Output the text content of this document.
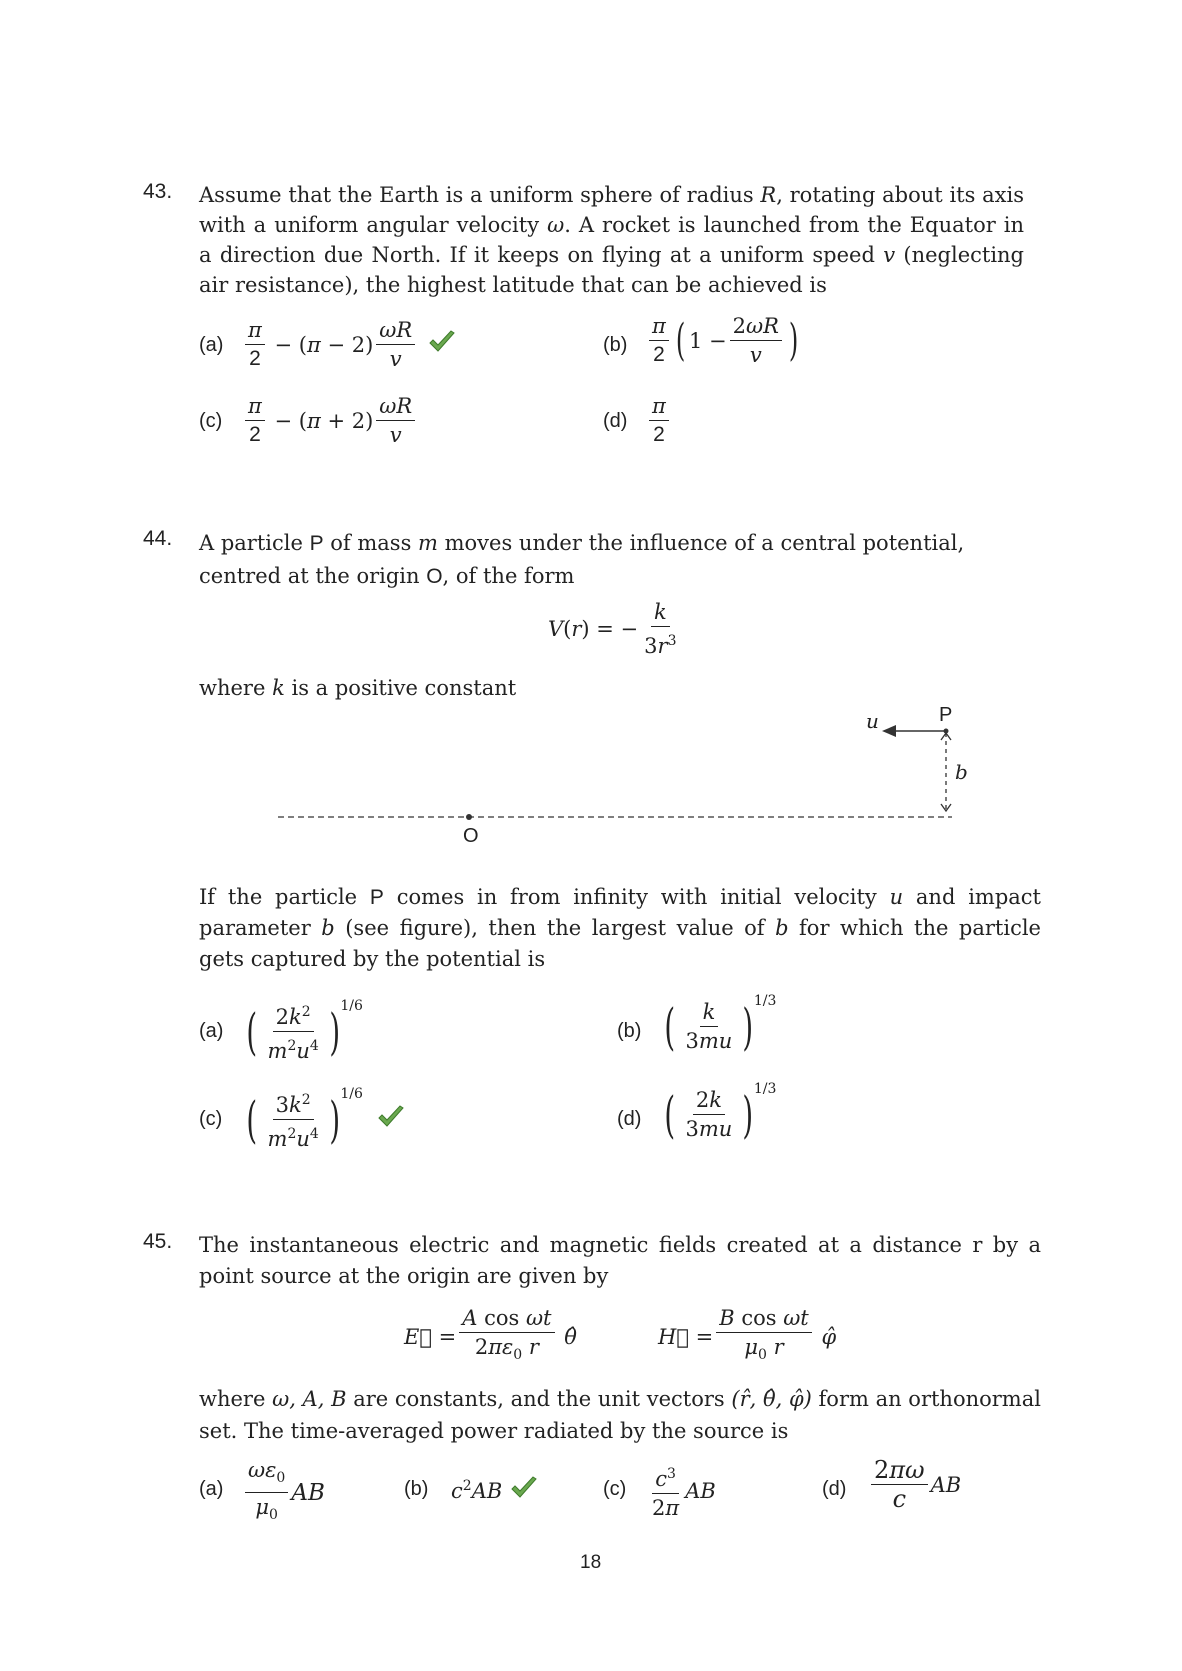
43. Assume that the Earth is a uniform sphere of radius R, rotating about its axis with a uniform angular velocity ω. A rocket is launched from the Equator in a direction due North. If it keeps on flying at a uniform speed v (neglecting air resistance), the highest latitude that can be achieved is
$(a) \frac{\pi}{2} - (\pi - 2) \frac{\omega R}{v}$	$(b) \frac{\pi}{2}$ ( $1 - \frac{2\omega R}{v}$ )
$(c) \frac{\pi}{2} - (\pi + 2) \frac{\omega R}{v}$	$(d) \frac{\pi}{2}$
44. A particle P of mass m moves under the influence of a central potential, centred at the origin O, of the form
V(r) = − $\frac{k}{3r^3}$
where k is a positive constant
P
u
b
O
If the particle P comes in from infinity with initial velocity u and impact parameter b (see figure), then the largest value of b for which the particle gets captured by the potential is
(a) ( $\frac{2k^2}{m^2u^4} )^{1/6}$
(b) ( $\frac{k}{3mu} )^{1/3}$
(c) ( $\frac{3k^2}{m^2u^4} )^{1/6}$
(d) ( $\frac{2k}{3mu} )^{1/3}$
45. The instantaneous electric and magnetic fields created at a distance r by a point source at the origin are given by
E⃗ = $\frac{\text{A cos ωt}}{2\pi\varepsilon_0 r}$ θ̂	H⃗ = $\frac{\text{B cos ωt}}{\mu_0 r}$ φ̂
where ω, A, B are constants, and the unit vectors (r̂, θ̂, φ̂) form an orthonormal set. The time-averaged power radiated by the source is
$(a) \frac{\omega\varepsilon_0}{\mu_0}$ AB	(b) $c^2AB$	$(c) \frac{c^3}{2\pi}$ AB	$(d) \frac{2\pi\omega}{c}$ AB
18
